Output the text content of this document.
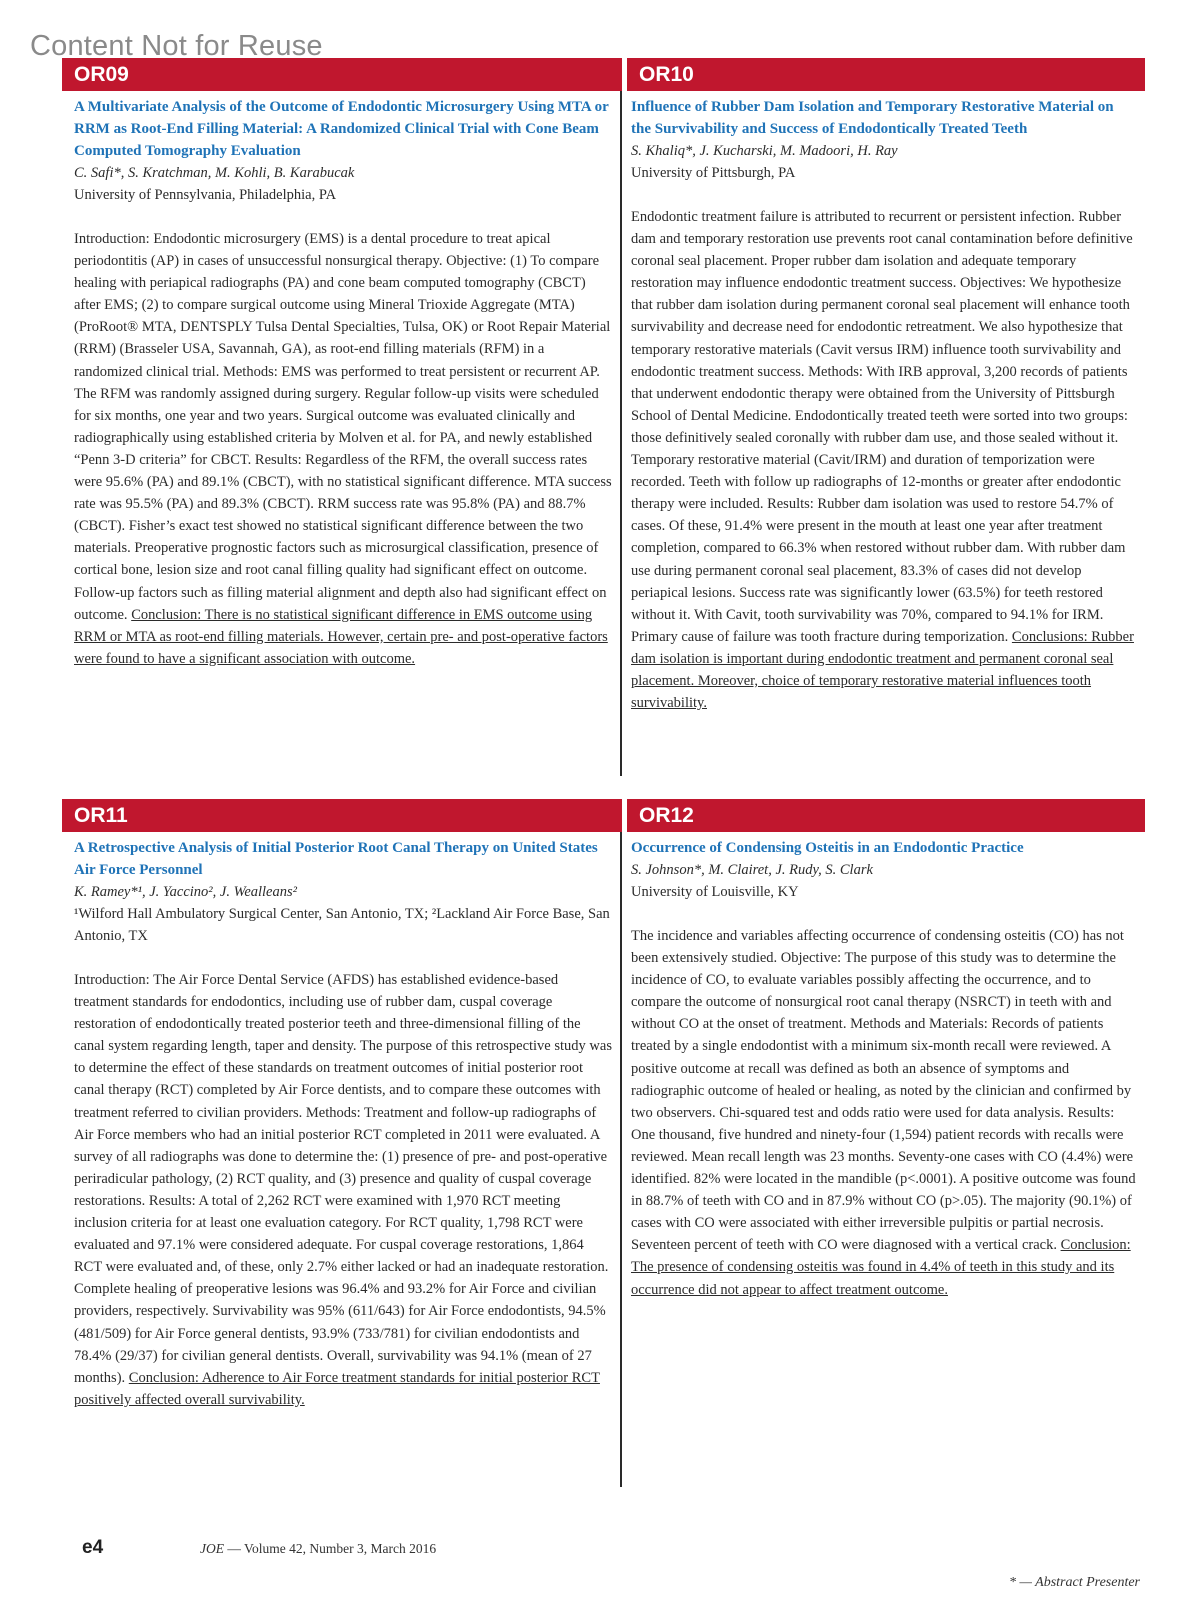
Content Not for Reuse
OR09	OR10
OR11	OR12
A Multivariate Analysis of the Outcome of Endodontic Microsurgery Using MTA or RRM as Root-End Filling Material: A Randomized Clinical Trial with Cone Beam Computed Tomography Evaluation
C. Safi*, S. Kratchman, M. Kohli, B. Karabucak
University of Pennsylvania, Philadelphia, PA
Introduction: Endodontic microsurgery (EMS) is a dental procedure to treat apical periodontitis (AP) in cases of unsuccessful nonsurgical therapy. Objective: (1) To compare healing with periapical radiographs (PA) and cone beam computed tomography (CBCT) after EMS; (2) to compare surgical outcome using Mineral Trioxide Aggregate (MTA) (ProRoot® MTA, DENTSPLY Tulsa Dental Specialties, Tulsa, OK) or Root Repair Material (RRM) (Brasseler USA, Savannah, GA), as root-end filling materials (RFM) in a randomized clinical trial. Methods: EMS was performed to treat persistent or recurrent AP. The RFM was randomly assigned during surgery. Regular follow-up visits were scheduled for six months, one year and two years. Surgical outcome was evaluated clinically and radiographically using established criteria by Molven et al. for PA, and newly established “Penn 3-D criteria” for CBCT. Results: Regardless of the RFM, the overall success rates were 95.6% (PA) and 89.1% (CBCT), with no statistical significant difference. MTA success rate was 95.5% (PA) and 89.3% (CBCT). RRM success rate was 95.8% (PA) and 88.7% (CBCT). Fisher’s exact test showed no statistical significant difference between the two materials. Preoperative prognostic factors such as microsurgical classification, presence of cortical bone, lesion size and root canal filling quality had significant effect on outcome. Follow-up factors such as filling material alignment and depth also had significant effect on outcome. Conclusion: There is no statistical significant difference in EMS outcome using RRM or MTA as root-end filling materials. However, certain pre- and post-operative factors were found to have a significant association with outcome.
Influence of Rubber Dam Isolation and Temporary Restorative Material on the Survivability and Success of Endodontically Treated Teeth
S. Khaliq*, J. Kucharski, M. Madoori, H. Ray
University of Pittsburgh, PA
Endodontic treatment failure is attributed to recurrent or persistent infection. Rubber dam and temporary restoration use prevents root canal contamination before definitive coronal seal placement. Proper rubber dam isolation and adequate temporary restoration may influence endodontic treatment success. Objectives: We hypothesize that rubber dam isolation during permanent coronal seal placement will enhance tooth survivability and decrease need for endodontic retreatment. We also hypothesize that temporary restorative materials (Cavit versus IRM) influence tooth survivability and endodontic treatment success. Methods: With IRB approval, 3,200 records of patients that underwent endodontic therapy were obtained from the University of Pittsburgh School of Dental Medicine. Endodontically treated teeth were sorted into two groups: those definitively sealed coronally with rubber dam use, and those sealed without it. Temporary restorative material (Cavit/IRM) and duration of temporization were recorded. Teeth with follow up radiographs of 12-months or greater after endodontic therapy were included. Results: Rubber dam isolation was used to restore 54.7% of cases. Of these, 91.4% were present in the mouth at least one year after treatment completion, compared to 66.3% when restored without rubber dam. With rubber dam use during permanent coronal seal placement, 83.3% of cases did not develop periapical lesions. Success rate was significantly lower (63.5%) for teeth restored without it. With Cavit, tooth survivability was 70%, compared to 94.1% for IRM. Primary cause of failure was tooth fracture during temporization. Conclusions: Rubber dam isolation is important during endodontic treatment and permanent coronal seal placement. Moreover, choice of temporary restorative material influences tooth survivability.
A Retrospective Analysis of Initial Posterior Root Canal Therapy on United States Air Force Personnel
K. Ramey*¹, J. Yaccino², J. Wealleans²
¹Wilford Hall Ambulatory Surgical Center, San Antonio, TX; ²Lackland Air Force Base, San Antonio, TX
Introduction: The Air Force Dental Service (AFDS) has established evidence-based treatment standards for endodontics, including use of rubber dam, cuspal coverage restoration of endodontically treated posterior teeth and three-dimensional filling of the canal system regarding length, taper and density. The purpose of this retrospective study was to determine the effect of these standards on treatment outcomes of initial posterior root canal therapy (RCT) completed by Air Force dentists, and to compare these outcomes with treatment referred to civilian providers. Methods: Treatment and follow-up radiographs of Air Force members who had an initial posterior RCT completed in 2011 were evaluated. A survey of all radiographs was done to determine the: (1) presence of pre- and post-operative periradicular pathology, (2) RCT quality, and (3) presence and quality of cuspal coverage restorations. Results: A total of 2,262 RCT were examined with 1,970 RCT meeting inclusion criteria for at least one evaluation category. For RCT quality, 1,798 RCT were evaluated and 97.1% were considered adequate. For cuspal coverage restorations, 1,864 RCT were evaluated and, of these, only 2.7% either lacked or had an inadequate restoration. Complete healing of preoperative lesions was 96.4% and 93.2% for Air Force and civilian providers, respectively. Survivability was 95% (611/643) for Air Force endodontists, 94.5% (481/509) for Air Force general dentists, 93.9% (733/781) for civilian endodontists and 78.4% (29/37) for civilian general dentists. Overall, survivability was 94.1% (mean of 27 months). Conclusion: Adherence to Air Force treatment standards for initial posterior RCT positively affected overall survivability.
Occurrence of Condensing Osteitis in an Endodontic Practice
S. Johnson*, M. Clairet, J. Rudy, S. Clark
University of Louisville, KY
The incidence and variables affecting occurrence of condensing osteitis (CO) has not been extensively studied. Objective: The purpose of this study was to determine the incidence of CO, to evaluate variables possibly affecting the occurrence, and to compare the outcome of nonsurgical root canal therapy (NSRCT) in teeth with and without CO at the onset of treatment. Methods and Materials: Records of patients treated by a single endodontist with a minimum six-month recall were reviewed. A positive outcome at recall was defined as both an absence of symptoms and radiographic outcome of healed or healing, as noted by the clinician and confirmed by two observers. Chi-squared test and odds ratio were used for data analysis. Results: One thousand, five hundred and ninety-four (1,594) patient records with recalls were reviewed. Mean recall length was 23 months. Seventy-one cases with CO (4.4%) were identified. 82% were located in the mandible (p<.0001). A positive outcome was found in 88.7% of teeth with CO and in 87.9% without CO (p>.05). The majority (90.1%) of cases with CO were associated with either irreversible pulpitis or partial necrosis. Seventeen percent of teeth with CO were diagnosed with a vertical crack. Conclusion: The presence of condensing osteitis was found in 4.4% of teeth in this study and its occurrence did not appear to affect treatment outcome.
e4	JOE — Volume 42, Number 3, March 2016
* — Abstract Presenter
